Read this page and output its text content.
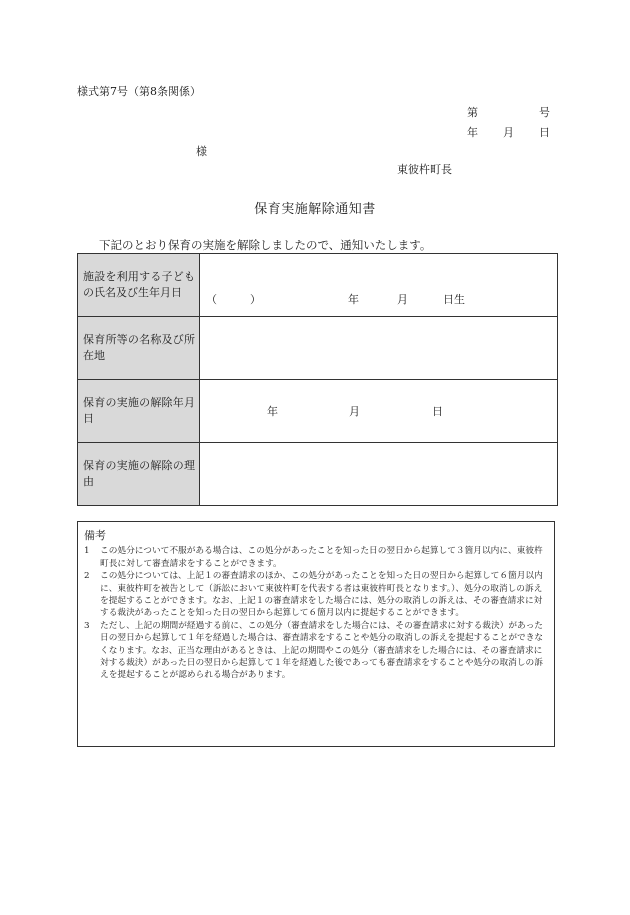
様式第7号（第8条関係）
第	号
年 月 日
様
東彼杵町長
保育実施解除通知書
下記のとおり保育の実施を解除しましたので、通知いたします。
施設を利用する子どもの氏名及び生年月日	（　　　） 年 月 日生

保育所等の名称及び所在地	
保育の実施の解除年月日	年 月 日

保育の実施の解除の理由	
備考
1	この処分について不服がある場合は、この処分があったことを知った日の翌日から起算して３箇月以内に、東彼杵町長に対して審査請求をすることができます。
2	この処分については、上記１の審査請求のほか、この処分があったことを知った日の翌日から起算して６箇月以内に、東彼杵町を被告として（訴訟において東彼杵町を代表する者は東彼杵町長となります。）、処分の取消しの訴えを提起することができます。なお、上記１の審査請求をした場合には、処分の取消しの訴えは、その審査請求に対する裁決があったことを知った日の翌日から起算して６箇月以内に提起することができます。
3	ただし、上記の期間が経過する前に、この処分（審査請求をした場合には、その審査請求に対する裁決）があった日の翌日から起算して１年を経過した場合は、審査請求をすることや処分の取消しの訴えを提起することができなくなります。なお、正当な理由があるときは、上記の期間やこの処分（審査請求をした場合には、その審査請求に対する裁決）があった日の翌日から起算して１年を経過した後であっても審査請求をすることや処分の取消しの訴えを提起することが認められる場合があります。
